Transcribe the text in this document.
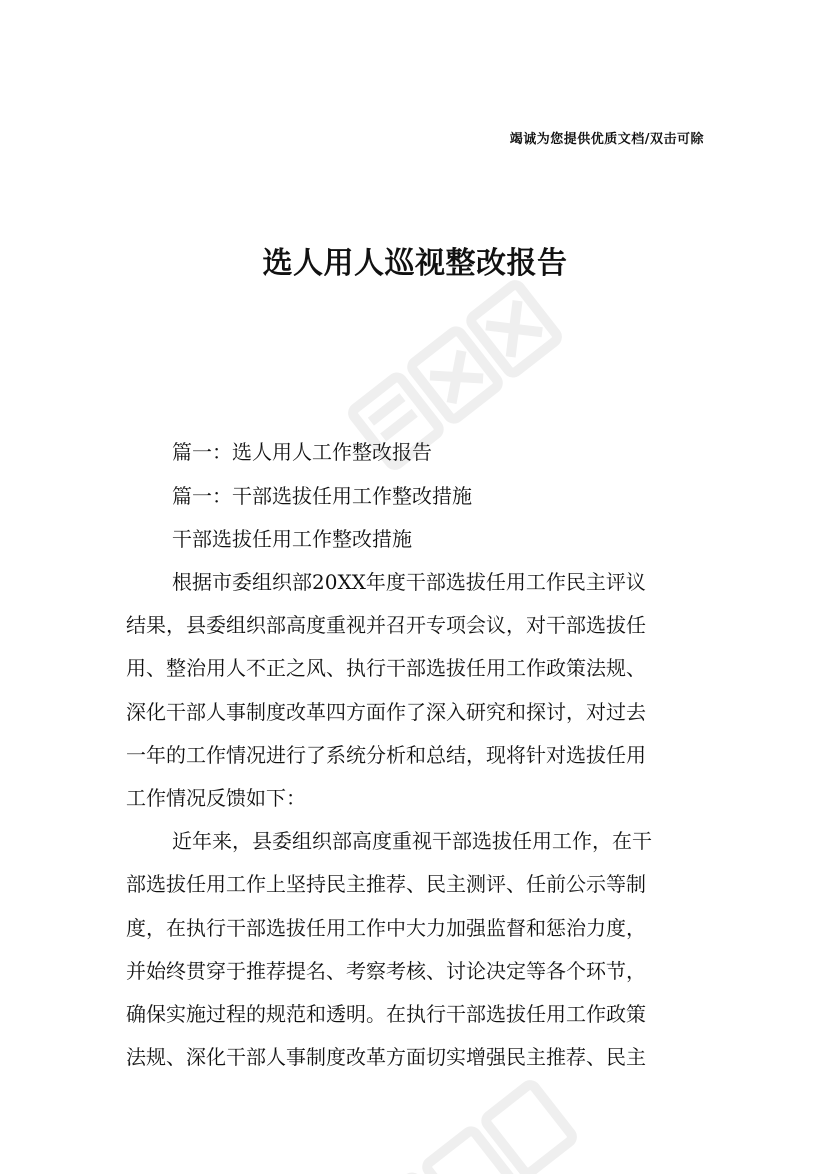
竭诚为您提供优质文档/双击可除
选人用人巡视整改报告
篇一：选人用人工作整改报告
篇一：干部选拔任用工作整改措施
干部选拔任用工作整改措施
根据市委组织部20XX年度干部选拔任用工作民主评议
结果，县委组织部高度重视并召开专项会议，对干部选拔任
用、整治用人不正之风、执行干部选拔任用工作政策法规、
深化干部人事制度改革四方面作了深入研究和探讨，对过去
一年的工作情况进行了系统分析和总结，现将针对选拔任用
工作情况反馈如下：
近年来，县委组织部高度重视干部选拔任用工作，在干
部选拔任用工作上坚持民主推荐、民主测评、任前公示等制
度，在执行干部选拔任用工作中大力加强监督和惩治力度，
并始终贯穿于推荐提名、考察考核、讨论决定等各个环节，
确保实施过程的规范和透明。在执行干部选拔任用工作政策
法规、深化干部人事制度改革方面切实增强民主推荐、民主
